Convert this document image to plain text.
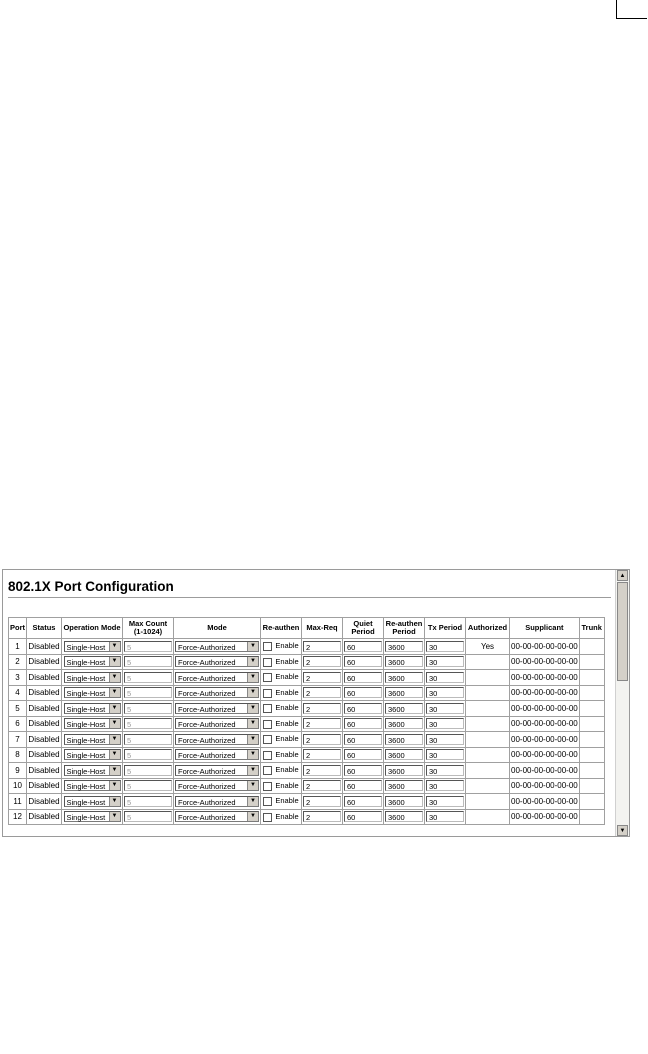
802.1X Port Configuration
Port	Status	Operation Mode	Max Count
(1-1024)	Mode	Re-authen	Max-Req	Quiet
Period	Re-authen
Period	Tx Period	Authorized	Supplicant	Trunk
1	Disabled	Single-Host ▼	5	Force-Authorized ▼	Enable	2	60	3600	30	Yes	00-00-00-00-00-00	
2	Disabled	Single-Host ▼	5	Force-Authorized ▼	Enable	2	60	3600	30		00-00-00-00-00-00	
3	Disabled	Single-Host ▼	5	Force-Authorized ▼	Enable	2	60	3600	30		00-00-00-00-00-00	
4	Disabled	Single-Host ▼	5	Force-Authorized ▼	Enable	2	60	3600	30		00-00-00-00-00-00	
5	Disabled	Single-Host ▼	5	Force-Authorized ▼	Enable	2	60	3600	30		00-00-00-00-00-00	
6	Disabled	Single-Host ▼	5	Force-Authorized ▼	Enable	2	60	3600	30		00-00-00-00-00-00	
7	Disabled	Single-Host ▼	5	Force-Authorized ▼	Enable	2	60	3600	30		00-00-00-00-00-00	
8	Disabled	Single-Host ▼	5	Force-Authorized ▼	Enable	2	60	3600	30		00-00-00-00-00-00	
9	Disabled	Single-Host ▼	5	Force-Authorized ▼	Enable	2	60	3600	30		00-00-00-00-00-00	
10	Disabled	Single-Host ▼	5	Force-Authorized ▼	Enable	2	60	3600	30		00-00-00-00-00-00	
11	Disabled	Single-Host ▼	5	Force-Authorized ▼	Enable	2	60	3600	30		00-00-00-00-00-00	
12	Disabled	Single-Host ▼	5	Force-Authorized ▼	Enable	2	60	3600	30		00-00-00-00-00-00	
▲
▼
